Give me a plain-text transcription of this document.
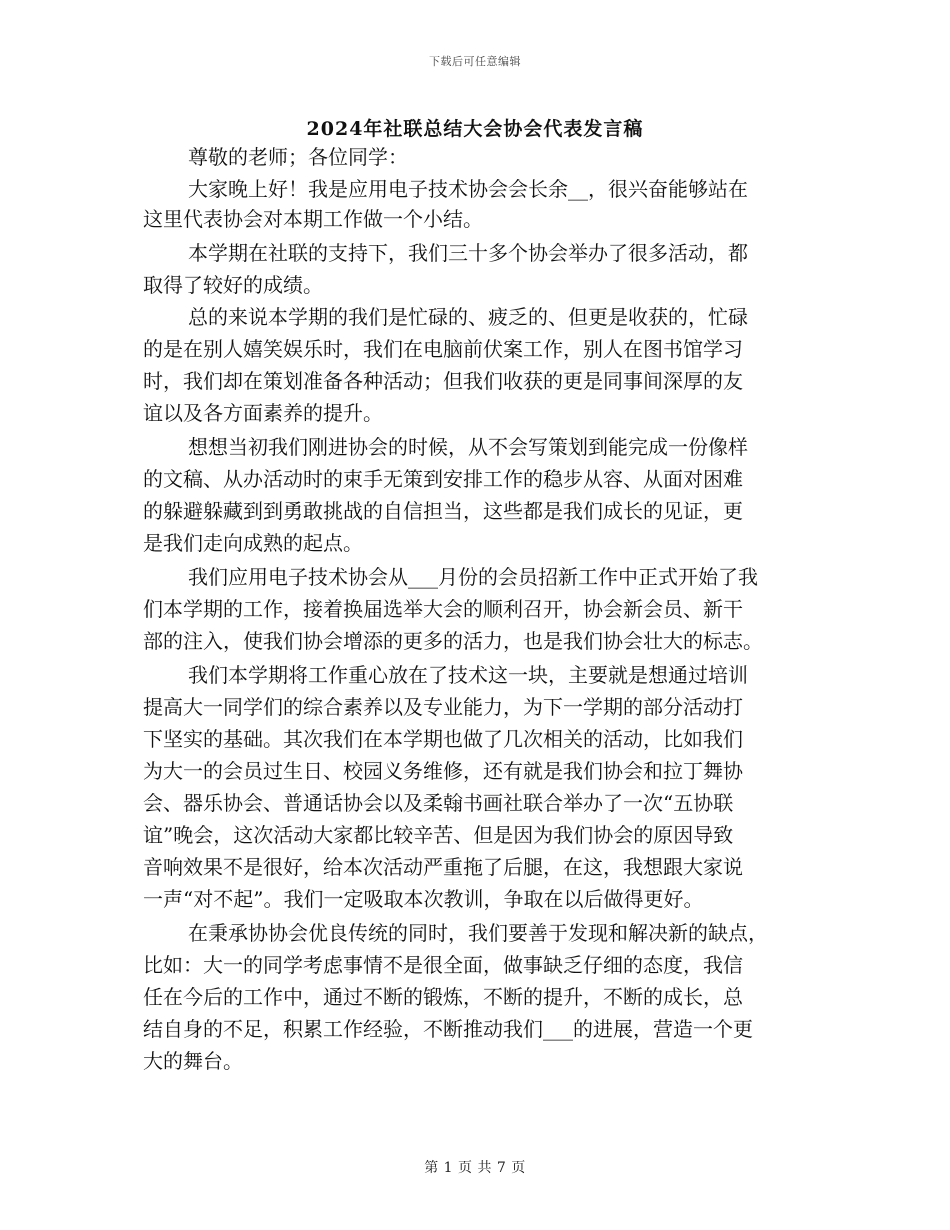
下载后可任意编辑
2024年社联总结大会协会代表发言稿
尊敬的老师；各位同学：
大家晚上好！我是应用电子技术协会会长余__，很兴奋能够站在
这里代表协会对本期工作做一个小结。
本学期在社联的支持下，我们三十多个协会举办了很多活动，都
取得了较好的成绩。
总的来说本学期的我们是忙碌的、疲乏的、但更是收获的，忙碌
的是在别人嬉笑娱乐时，我们在电脑前伏案工作，别人在图书馆学习
时，我们却在策划准备各种活动；但我们收获的更是同事间深厚的友
谊以及各方面素养的提升。
想想当初我们刚进协会的时候，从不会写策划到能完成一份像样
的文稿、从办活动时的束手无策到安排工作的稳步从容、从面对困难
的躲避躲藏到到勇敢挑战的自信担当，这些都是我们成长的见证，更
是我们走向成熟的起点。
我们应用电子技术协会从___月份的会员招新工作中正式开始了我
们本学期的工作，接着换届选举大会的顺利召开，协会新会员、新干
部的注入，使我们协会增添的更多的活力，也是我们协会壮大的标志。
我们本学期将工作重心放在了技术这一块，主要就是想通过培训
提高大一同学们的综合素养以及专业能力，为下一学期的部分活动打
下坚实的基础。其次我们在本学期也做了几次相关的活动，比如我们
为大一的会员过生日、校园义务维修，还有就是我们协会和拉丁舞协
会、器乐协会、普通话协会以及柔翰书画社联合举办了一次“五协联
谊”晚会，这次活动大家都比较辛苦、但是因为我们协会的原因导致
音响效果不是很好，给本次活动严重拖了后腿，在这，我想跟大家说
一声“对不起”。我们一定吸取本次教训，争取在以后做得更好。
在秉承协协会优良传统的同时，我们要善于发现和解决新的缺点，
比如：大一的同学考虑事情不是很全面，做事缺乏仔细的态度，我信
任在今后的工作中，通过不断的锻炼，不断的提升，不断的成长，总
结自身的不足，积累工作经验，不断推动我们___的进展，营造一个更
大的舞台。
第 1 页 共 7 页
